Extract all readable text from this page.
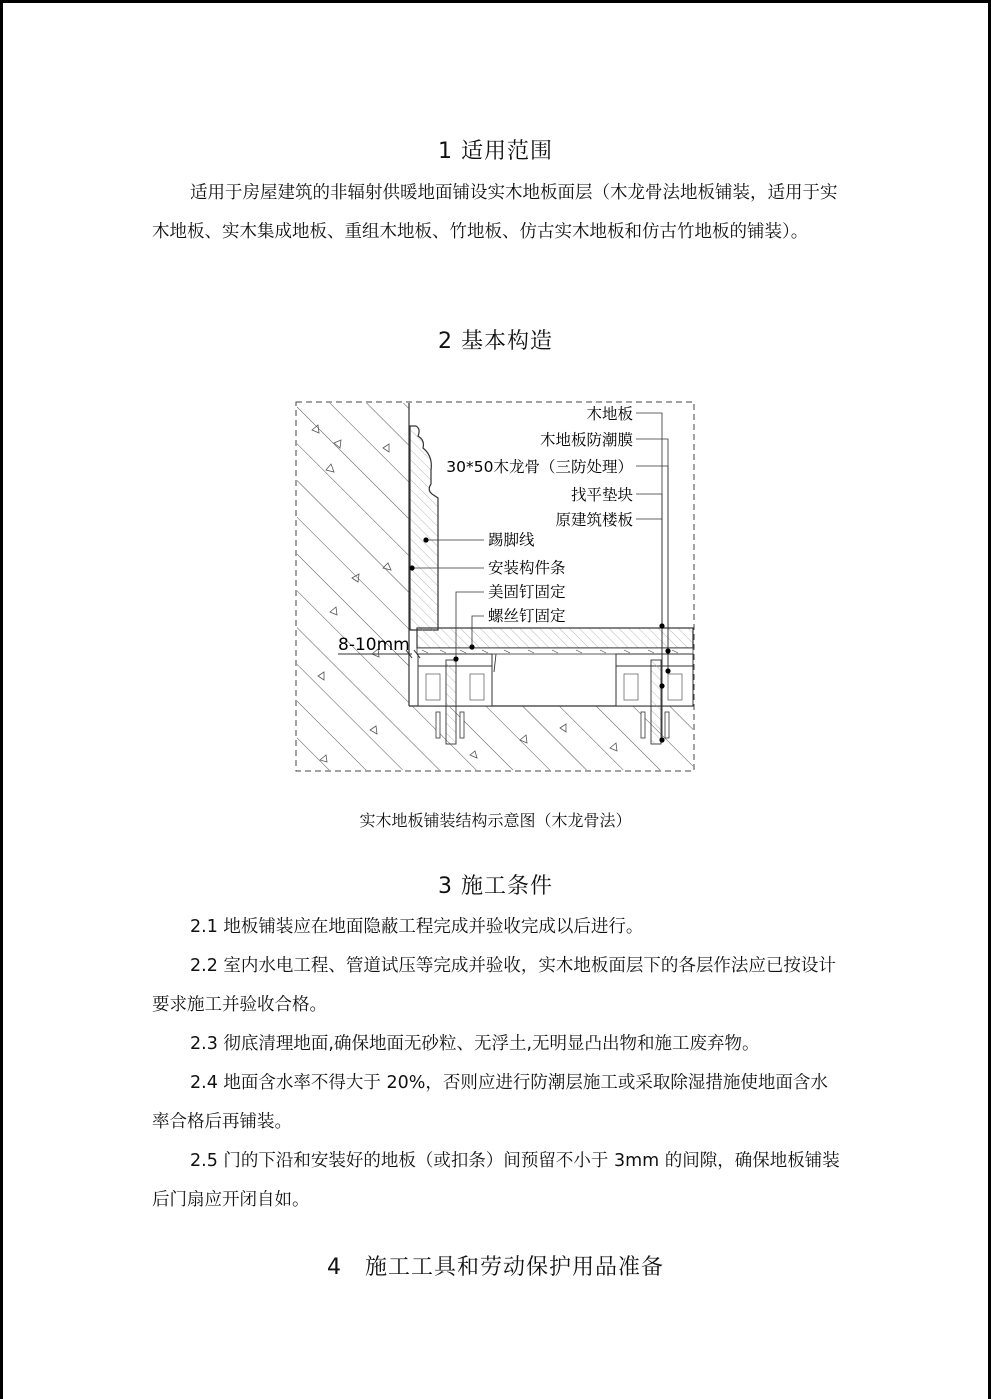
1 适用范围

适用于房屋建筑的非辐射供暖地面铺设实木地板面层（木龙骨法地板铺装，适用于实木地板、实木集成地板、重组木地板、竹地板、仿古实木地板和仿古竹地板的铺装）。

2 基本构造
木地板
木地板防潮膜
30*50木龙骨（三防处理）
找平垫块
原建筑楼板
踢脚线
安装构件条
美固钉固定
螺丝钉固定
8-10mm
实木地板铺装结构示意图（木龙骨法）
3 施工条件

2.1 地板铺装应在地面隐蔽工程完成并验收完成以后进行。

2.2 室内水电工程、管道试压等完成并验收，实木地板面层下的各层作法应已按设计要求施工并验收合格。

2.3 彻底清理地面,确保地面无砂粒、无浮土,无明显凸出物和施工废弃物。

2.4 地面含水率不得大于 20%，否则应进行防潮层施工或采取除湿措施使地面含水率合格后再铺装。

2.5 门的下沿和安装好的地板（或扣条）间预留不小于 3mm 的间隙，确保地板铺装后门扇应开闭自如。

4　施工工具和劳动保护用品准备
